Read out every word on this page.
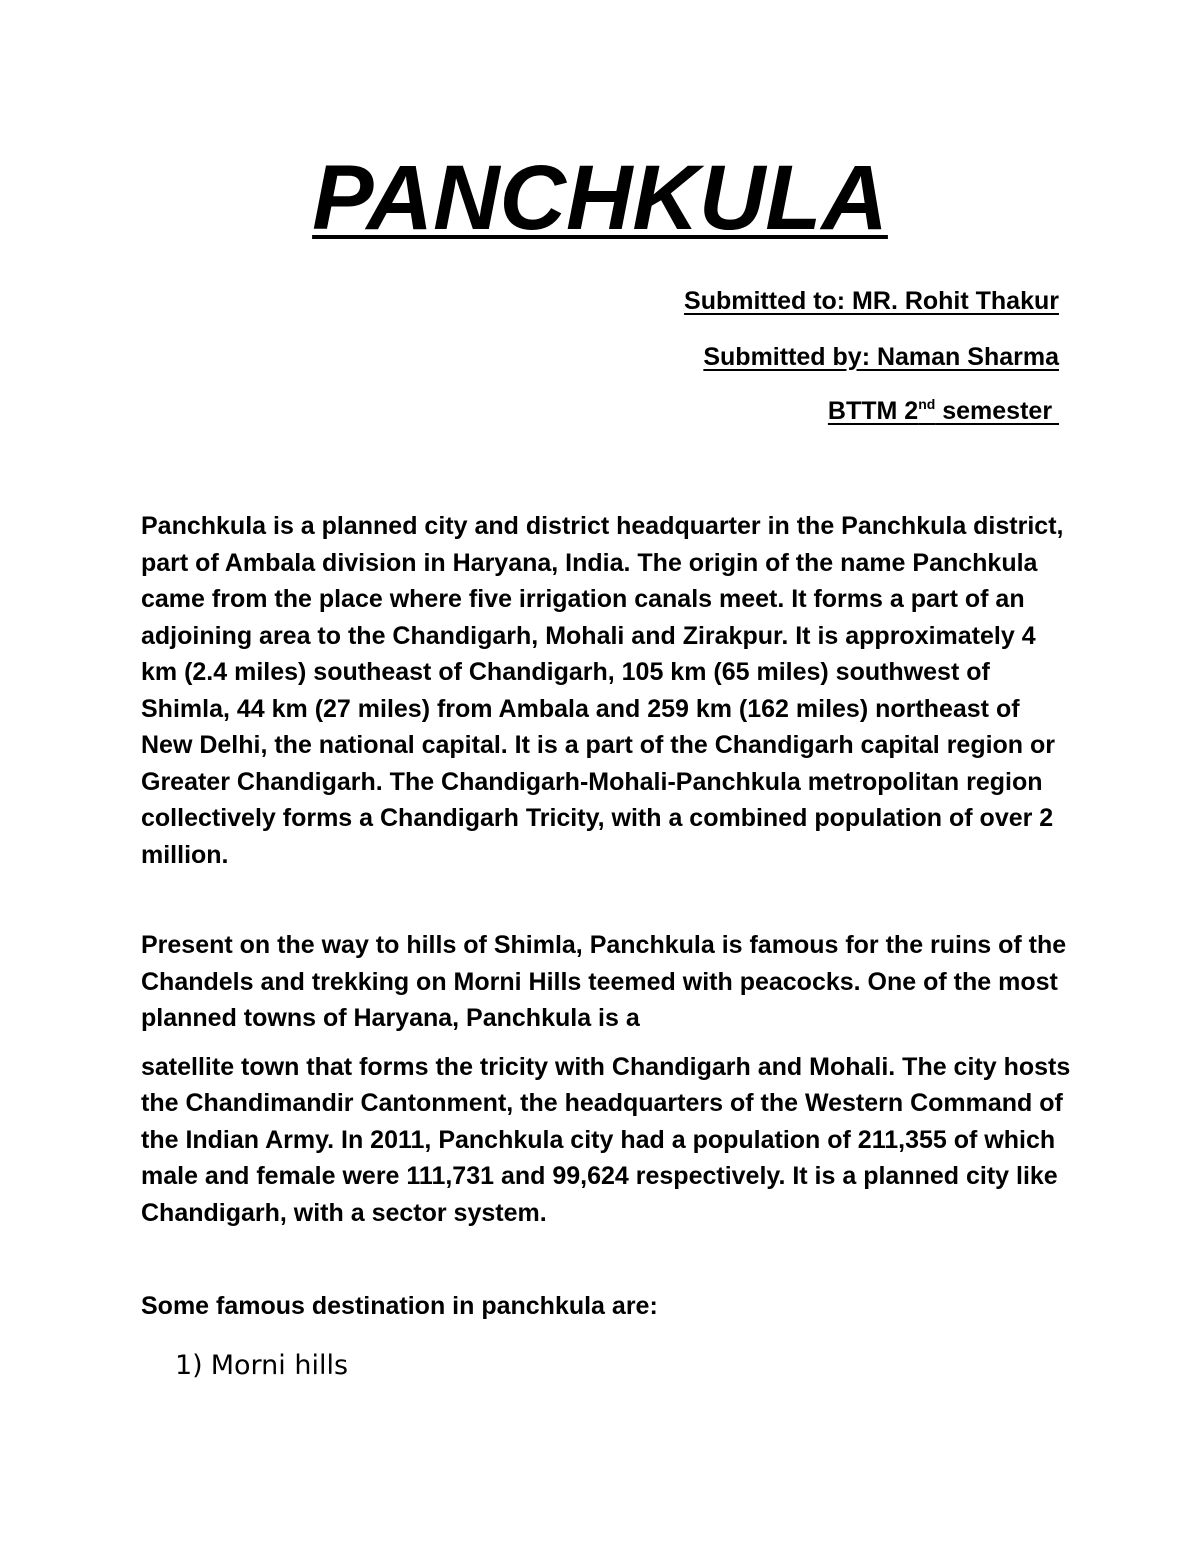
PANCHKULA
Submitted to: MR. Rohit Thakur
Submitted by: Naman Sharma
BTTM 2nd semester

Panchkula is a planned city and district headquarter in the Panchkula district, part of Ambala division in Haryana, India. The origin of the name Panchkula came from the place where five irrigation canals meet. It forms a part of an adjoining area to the Chandigarh, Mohali and Zirakpur. It is approximately 4 km (2.4 miles) southeast of Chandigarh, 105 km (65 miles) southwest of Shimla, 44 km (27 miles) from Ambala and 259 km (162 miles) northeast of New Delhi, the national capital. It is a part of the Chandigarh capital region or Greater Chandigarh. The Chandigarh-Mohali-Panchkula metropolitan region collectively forms a Chandigarh Tricity, with a combined population of over 2 million.

Present on the way to hills of Shimla, Panchkula is famous for the ruins of the Chandels and trekking on Morni Hills teemed with peacocks. One of the most planned towns of Haryana, Panchkula is a

satellite town that forms the tricity with Chandigarh and Mohali. The city hosts the Chandimandir Cantonment, the headquarters of the Western Command of the Indian Army. In 2011, Panchkula city had a population of 211,355 of which male and female were 111,731 and 99,624 respectively. It is a planned city like Chandigarh, with a sector system.

Some famous destination in panchkula are:

1) Morni hills
